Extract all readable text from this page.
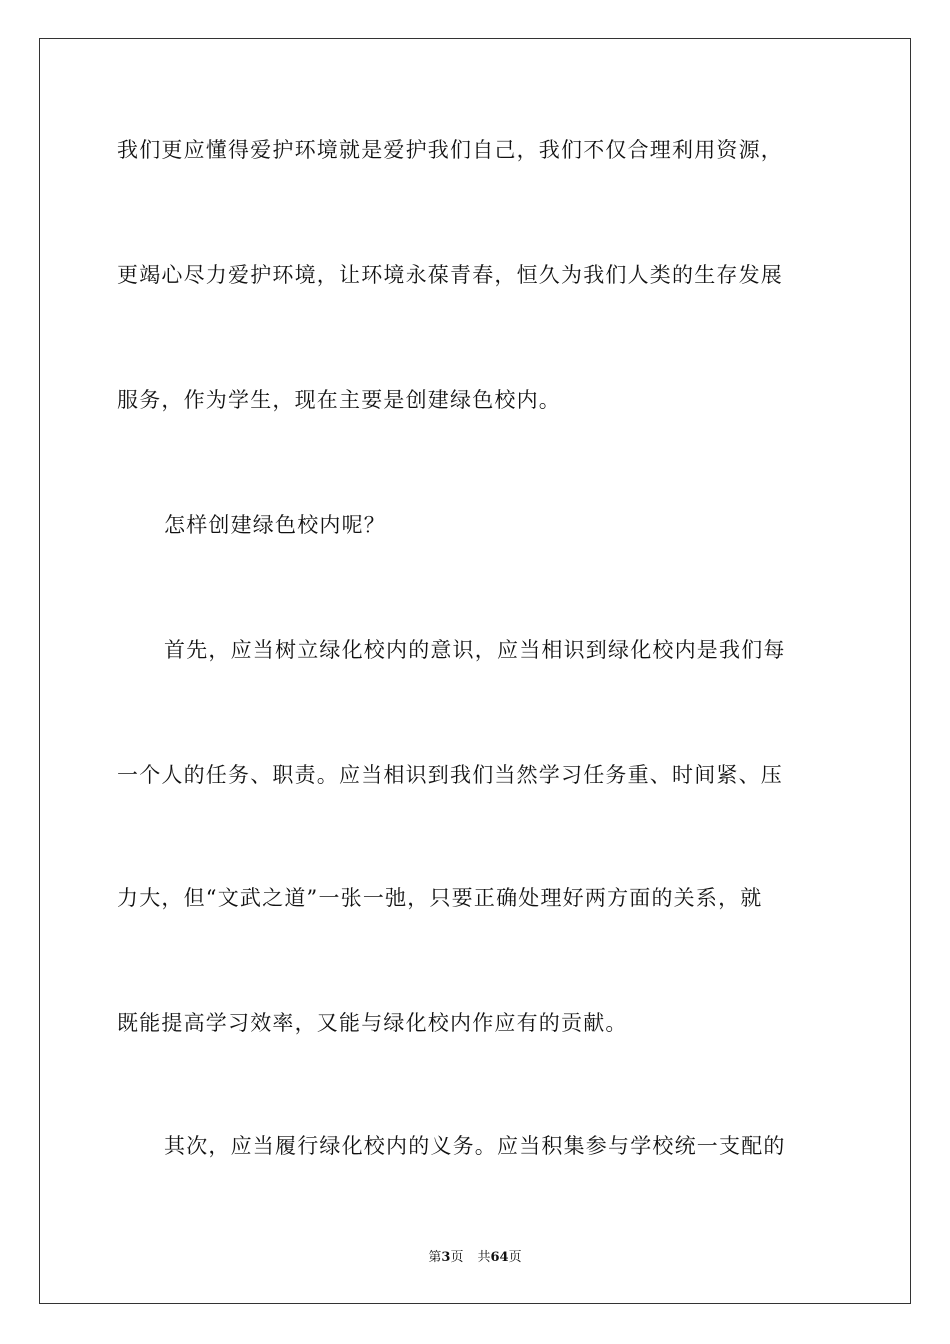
我们更应懂得爱护环境就是爱护我们自己，我们不仅合理利用资源，
更竭心尽力爱护环境，让环境永葆青春，恒久为我们人类的生存发展
服务，作为学生，现在主要是创建绿色校内。
怎样创建绿色校内呢？
首先，应当树立绿化校内的意识，应当相识到绿化校内是我们每
一个人的任务、职责。应当相识到我们当然学习任务重、时间紧、压
力大，但“文武之道”一张一弛，只要正确处理好两方面的关系，就
既能提高学习效率，又能与绿化校内作应有的贡献。
其次，应当履行绿化校内的义务。应当积集参与学校统一支配的
第3页 共64页
